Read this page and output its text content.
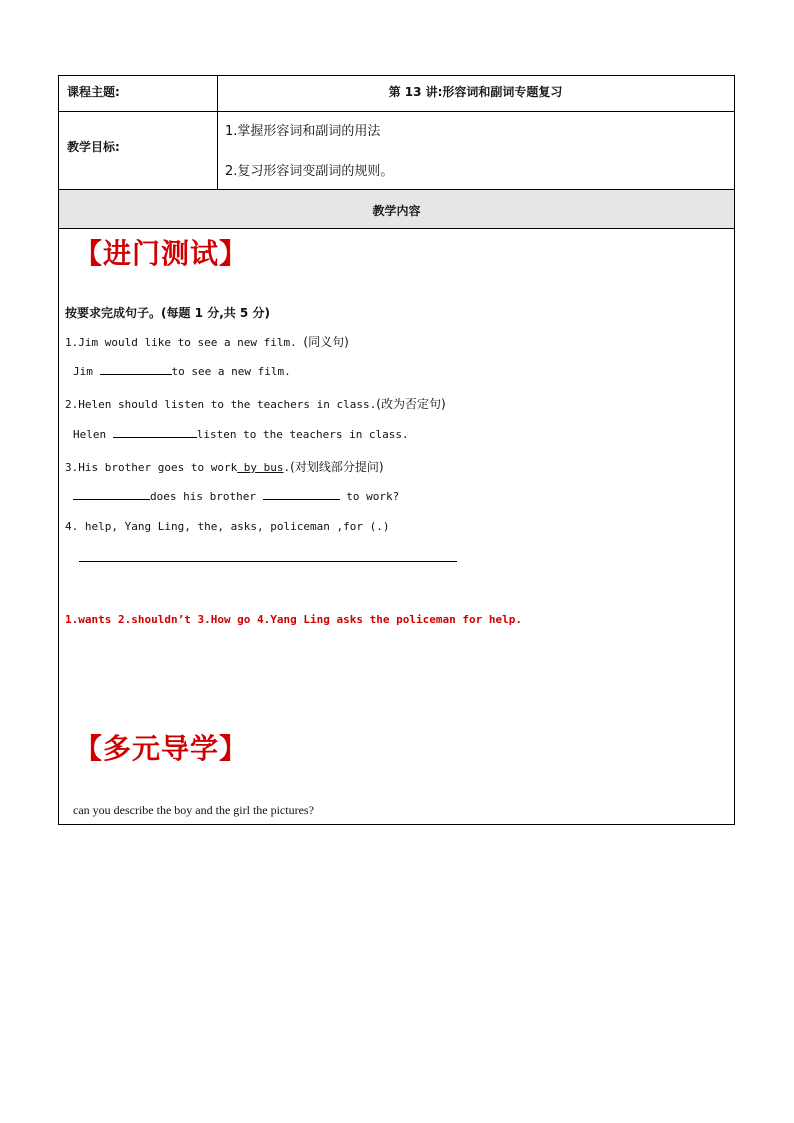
课程主题:	第 13 讲:形容词和副词专题复习
教学目标:
1.掌握形容词和副词的用法
2.复习形容词变副词的规则。
教学内容
【进门测试】
按要求完成句子。(每题 1 分,共 5 分)
1.Jim would like to see a new film. (同义句)
Jim	to see a new film.
2.Helen should listen to the teachers in class.(改为否定句)
Helen	listen to the teachers in class.
3.His brother goes to work by bus.(对划线部分提问)
does his brother	to work?
4. help, Yang Ling, the, asks, policeman ,for (.)
1.wants 2.shouldn’t 3.How go 4.Yang Ling asks the policeman for help.
【多元导学】
can you describe the boy and the girl the pictures?
